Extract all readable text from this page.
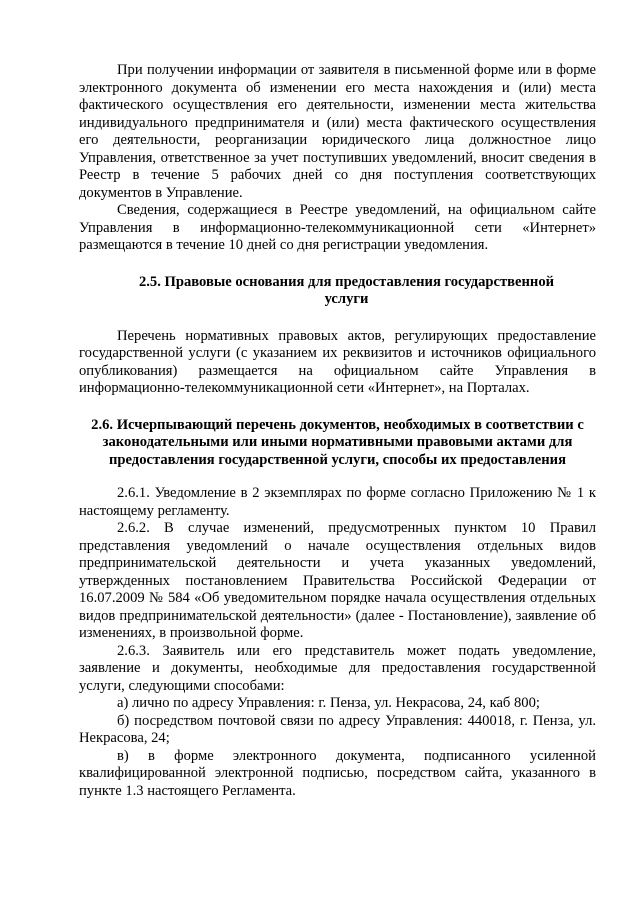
При получении информации от заявителя в письменной форме или в форме электронного документа об изменении его места нахождения и (или) места фактического осуществления его деятельности, изменении места жительства индивидуального предпринимателя и (или) места фактического осуществления его деятельности, реорганизации юридического лица должностное лицо Управления, ответственное за учет поступивших уведомлений, вносит сведения в Реестр в течение 5 рабочих дней со дня поступления соответствующих документов в Управление.

Сведения, содержащиеся в Реестре уведомлений, на официальном сайте Управления в информационно-телекоммуникационной сети «Интернет» размещаются в течение 10 дней со дня регистрации уведомления.

2.5. Правовые основания для предоставления государственной услуги

Перечень нормативных правовых актов, регулирующих предоставление государственной услуги (с указанием их реквизитов и источников официального опубликования) размещается на официальном сайте Управления в информационно-телекоммуникационной сети «Интернет», на Порталах.

2.6. Исчерпывающий перечень документов, необходимых в соответствии с законодательными или иными нормативными правовыми актами для предоставления государственной услуги, способы их предоставления

2.6.1. Уведомление в 2 экземплярах по форме согласно Приложению № 1 к настоящему регламенту.

2.6.2. В случае изменений, предусмотренных пунктом 10 Правил представления уведомлений о начале осуществления отдельных видов предпринимательской деятельности и учета указанных уведомлений, утвержденных постановлением Правительства Российской Федерации от 16.07.2009 № 584 «Об уведомительном порядке начала осуществления отдельных видов предпринимательской деятельности» (далее - Постановление), заявление об изменениях, в произвольной форме.

2.6.3. Заявитель или его представитель может подать уведомление, заявление и документы, необходимые для предоставления государственной услуги, следующими способами:

а) лично по адресу Управления: г. Пенза, ул. Некрасова, 24, каб 800;

б) посредством почтовой связи по адресу Управления: 440018, г. Пенза, ул. Некрасова, 24;

в) в форме электронного документа, подписанного усиленной квалифицированной электронной подписью, посредством сайта, указанного в пункте 1.3 настоящего Регламента.
